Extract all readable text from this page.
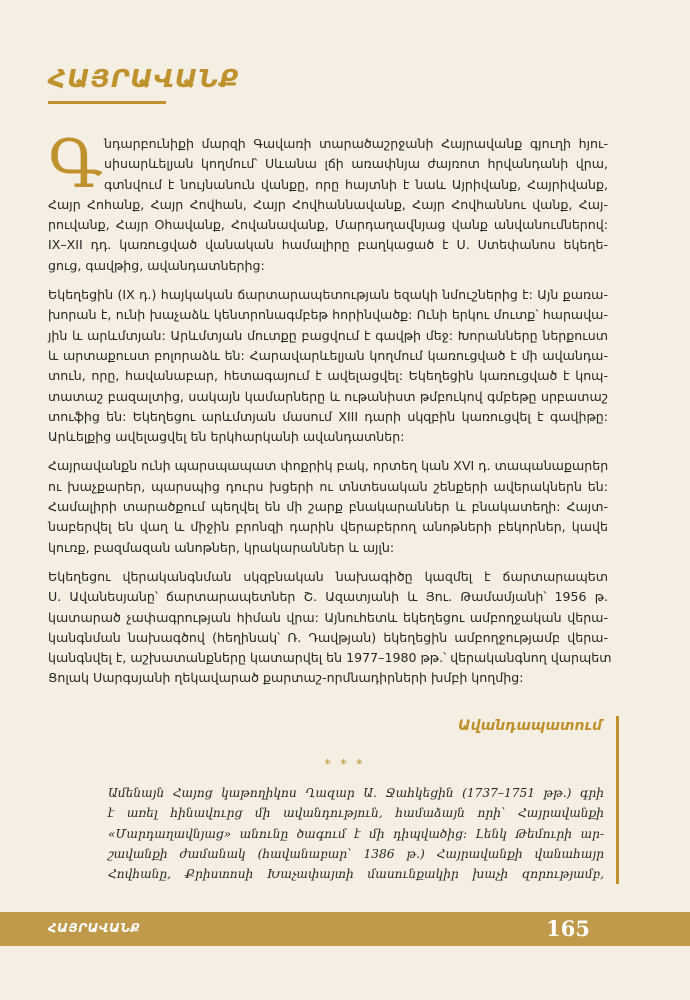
ՀԱՅՐԱՎԱՆՔ
Գ նդարբունիքի մարզի Գավառի տարածաշրջանի Հայրավանք գյուղի հյու-
սիսարևելյան կողմում՝ Սևանա լճի առափնյա ժայռոտ հրվանդանի վրա,
գտնվում է նույնանուն վանքը, որը հայտնի է նաև Այրիվանք, Հայրիվանք,
Հայր Հոհանք, Հայր Հովհան, Հայր Հովհաննավանք, Հայր Հովհաննու վանք, Հայ-
րուվանք, Հայր Օհավանք, Հովանավանք, Մարդաղավնյաց վանք անվանումներով:
IX–XII դդ. կառուցված վանական համալիրը բաղկացած է Ս. Ստեփանոս եկեղե-
ցուց, գավթից, ավանդատներից:
Եկեղեցին (IX դ.) հայկական ճարտարապետության եզակի նմուշներից է: Այն քառա-
խորան է, ունի խաչաձև կենտրոնագմբեթ հորինվածք: Ունի երկու մուտք՝ հարավա-
յին և արևմտյան: Արևմտյան մուտքը բացվում է գավթի մեջ: Խորանները ներքուստ
և արտաքուստ բոլորաձև են: Հարավարևելյան կողմում կառուցված է մի ավանդա-
տուն, որը, հավանաբար, հետագայում է ավելացվել: Եկեղեցին կառուցված է կոպ-
տատաշ բազալտից, սակայն կամարները և ութանիստ թմբուկով գմբեթը սրբատաշ
տուֆից են: Եկեղեցու արևմտյան մասում XIII դարի սկզբին կառուցվել է գավիթը:
Արևելքից ավելացվել են երկհարկանի ավանդատներ:
Հայրավանքն ունի պարսպապատ փոքրիկ բակ, որտեղ կան XVI դ. տապանաքարեր
ու խաչքարեր, պարսպից դուրս խցերի ու տնտեսական շենքերի ավերակներն են:
Համալիրի տարածքում պեղվել են մի շարք բնակարաններ և բնակատեղի: Հայտ-
նաբերվել են վաղ և միջին բրոնզի դարին վերաբերող անոթների բեկորներ, կավե
կուռք, բազմազան անոթներ, կրակարաններ և այլն:
Եկեղեցու վերականգնման սկզբնական նախագիծը կազմել է ճարտարապետ
Ս. Ավանեսյանը՝ ճարտարապետներ Շ. Ազատյանի և Յու. Թամամյանի՝ 1956 թ.
կատարած չափագրության հիման վրա: Այնուհետև եկեղեցու ամբողջական վերա-
կանգնման նախագծով (հեղինակ՝ Ռ. Դավթյան) եկեղեցին ամբողջությամբ վերա-
կանգնվել է, աշխատանքները կատարվել են 1977–1980 թթ.՝ վերականգնող վարպետ
Ցոլակ Սարգսյանի ղեկավարած քարտաշ-որմնադիրների խմբի կողմից:
Ավանդապատում
* * *
Ամենայն Հայոց կաթողիկոս Ղազար Ա. Ջահկեցին (1737–1751 թթ.) գրի
է առել հինավուրց մի ավանդություն, համաձայն որի՝ Հայրավանքի
«Մարդաղավնյաց» անունը ծագում է մի դիպվածից: Լենկ Թեմուրի ար-
շավանքի ժամանակ (հավանաբար՝ 1386 թ.) Հայրավանքի վանահայր
Հովհանը, Քրիստոսի Խաչափայտի մասունքակիր խաչի զորությամբ,
ՀԱՅՐԱՎԱՆՔ	165
